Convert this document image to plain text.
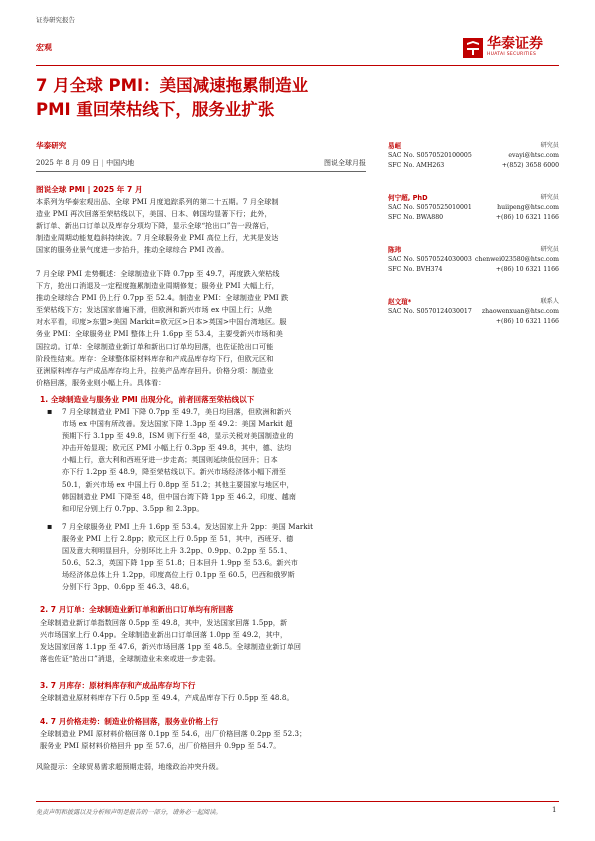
证券研究报告
宏观	华泰证券
HUATAI SECURITIES
7 月全球 PMI：美国减速拖累制造业
PMI 重回荣枯线下，服务业扩张
华泰研究
2025 年 8 月 09 日 | 中国内地	图说全球月报
易峘	研究员
SAC No. S0570520100005	evayi@htsc.com
SFC No. AMH263	+(852) 3658 6000
何宁超, PhD	研究员
SAC No. S0570525010001	huiipeng@htsc.com
SFC No. BWA880	+(86) 10 6321 1166
陈玮	研究员
SAC No. S0570524030003 chenwei023580@htsc.com
SFC No. BVH374	+(86) 10 6321 1166
赵文瑄*	联系人
SAC No. S0570124030017 zhaowenxuan@htsc.com
+(86) 10 6321 1166
图说全球 PMI | 2025 年 7 月
本系列为华泰宏观出品、全球 PMI 月度追踪系列的第二十五期。7 月全球制
造业 PMI 再次回落至荣枯线以下，美国、日本、韩国均显著下行；此外，
新订单、新出口订单以及库存分项均下降，显示全球“抢出口”告一段落后，
制造业周期动能复趋斜持续波。7 月全球服务业 PMI 高位上行，尤其是发达
国家的服务业景气度进一步抬升，推动全球综合 PMI 改善。
7 月全球 PMI 走势概述：全球制造业下降 0.7pp 至 49.7，再度跌入荣枯线
下方，抢出口消退及一定程度拖累制造业周期修复；服务业 PMI 大幅上行，
推动全球综合 PMI 仍上行 0.7pp 至 52.4。制造业 PMI：全球制造业 PMI 跌
至荣枯线下方；发达国家普遍下滑，但欧洲和新兴市场 ex 中国上行；从绝
对水平看，印度>东盟>美国 Markit=欧元区>日本>英国>中国台湾地区。服
务业 PMI：全球服务业 PMI 整体上升 1.6pp 至 53.4，主要受新兴市场和美
国拉动。订单：全球制造业新订单和新出口订单均回落，也佐证抢出口可能
阶段性结束。库存：全球整体原材料库存和产成品库存均下行，但欧元区和
亚洲原料库存与产成品库存均上升，拉美产品库存回升。价格分项：制造业
价格回落，服务业则小幅上升。具体看：
1. 全球制造业与服务业 PMI 出现分化，前者回落至荣枯线以下
▪ 7 月全球制造业 PMI 下降 0.7pp 至 49.7，美日均回落，但欧洲和新兴
市场 ex 中国有所改善。发达国家下降 1.3pp 至 49.2：美国 Markit 超
预期下行 3.1pp 至 49.8，ISM 则下行至 48，显示关税对美国制造业的
冲击开始显现；欧元区 PMI 小幅上行 0.3pp 至 49.8，其中，德、法均
小幅上行，意大利和西班牙进一步走高；英国则延续低位回升；日本
亦下行 1.2pp 至 48.9，降至荣枯线以下。新兴市场经济体小幅下滑至
50.1，新兴市场 ex 中国上行 0.8pp 至 51.2；其他主要国家与地区中，
韩国制造业 PMI 下降至 48，但中国台湾下降 1pp 至 46.2，印度、越南
和印尼分别上行 0.7pp、3.5pp 和 2.3pp。
▪ 7 月全球服务业 PMI 上升 1.6pp 至 53.4。发达国家上升 2pp：美国 Markit
服务业 PMI 上行 2.8pp；欧元区上行 0.5pp 至 51，其中，西班牙、德
国及意大利明显回升，分别环比上升 3.2pp、0.9pp、0.2pp 至 55.1、
50.6、52.3，英国下降 1pp 至 51.8；日本回升 1.9pp 至 53.6。新兴市
场经济体总体上升 1.2pp，印度高位上行 0.1pp 至 60.5，巴西和俄罗斯
分别下行 3pp、0.6pp 至 46.3、48.6。
2. 7 月订单：全球制造业新订单和新出口订单均有所回落
全球制造业新订单指数回落 0.5pp 至 49.8，其中，发达国家回落 1.5pp，新
兴市场国家上行 0.4pp。全球制造业新出口订单回落 1.0pp 至 49.2，其中，
发达国家回落 1.1pp 至 47.6，新兴市场回落 1pp 至 48.5。全球制造业新订单回
落也佐证“抢出口”消退，全球制造业未来或进一步走弱。
3. 7 月库存：原材料库存和产成品库存均下行
全球制造业原材料库存下行 0.5pp 至 49.4，产成品库存下行 0.5pp 至 48.8。
4. 7 月价格走势：制造业价格回落，服务业价格上行
全球制造业 PMI 原材料价格回落 0.1pp 至 54.6，出厂价格回落 0.2pp 至 52.3；
服务业 PMI 原材料价格回升 pp 至 57.6，出厂价格回升 0.9pp 至 54.7。
风险提示：全球贸易需求超预期走弱，地缘政治冲突升级。
免责声明和披露以及分析师声明是报告的一部分，请务必一起阅读。	1
